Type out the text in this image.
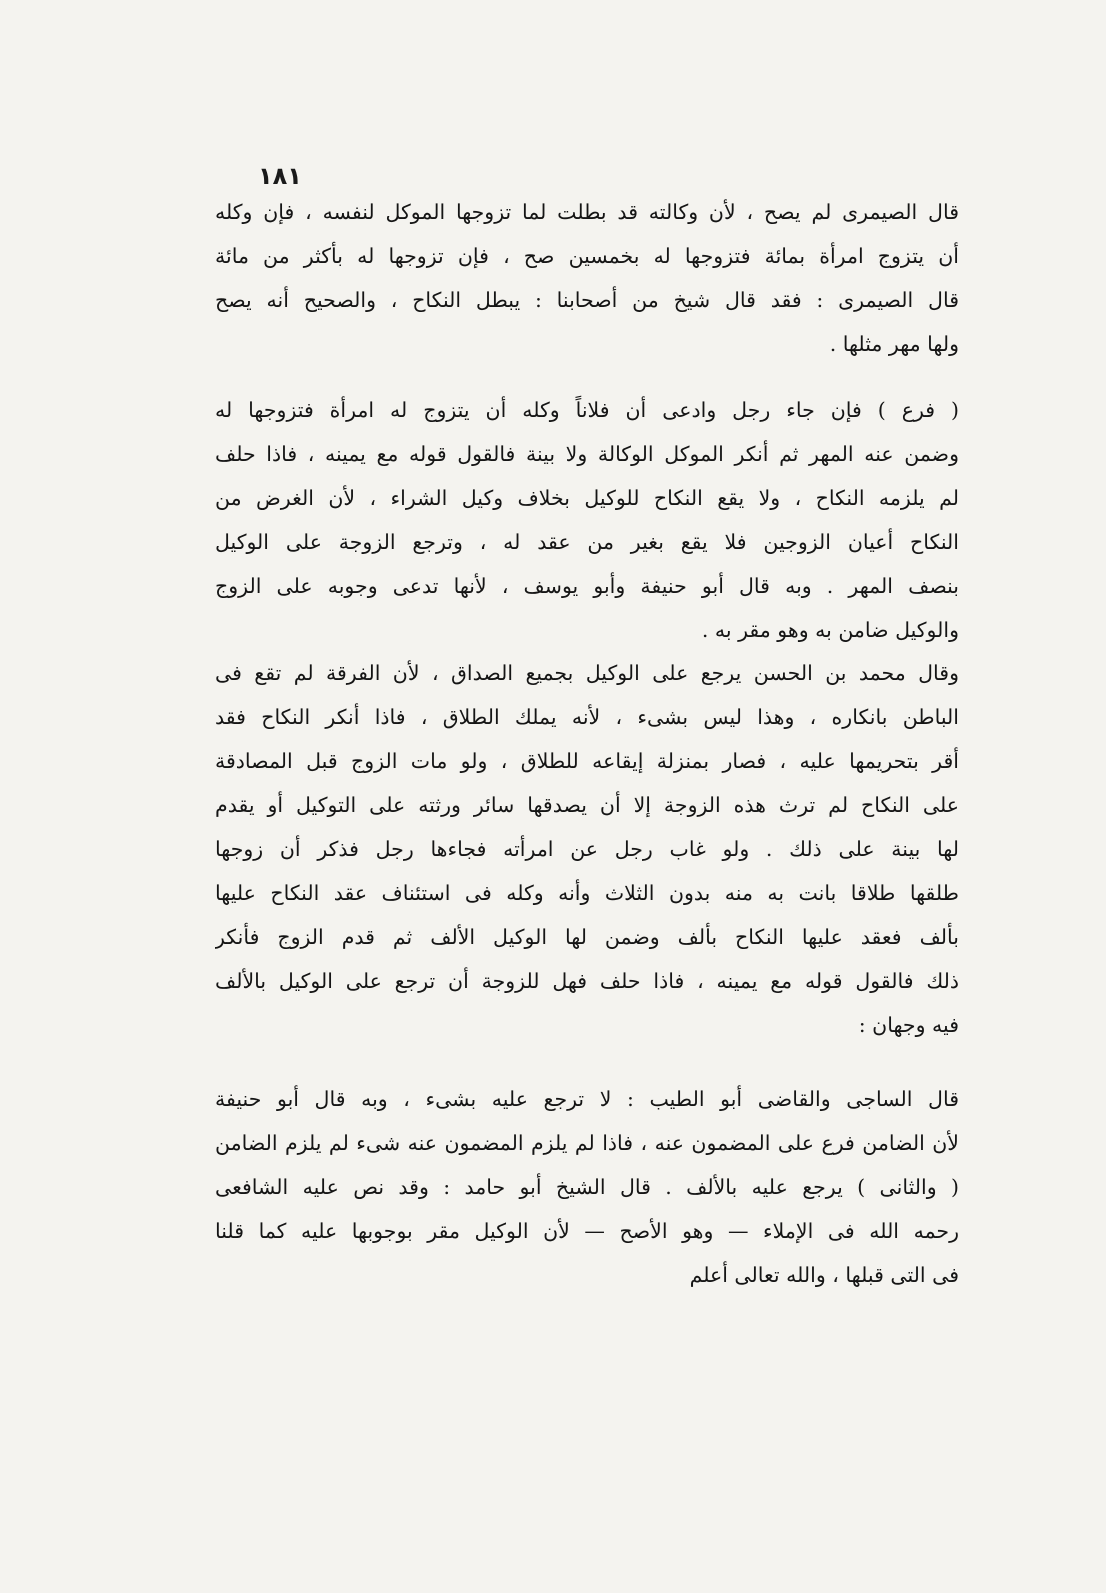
١٨١
قال الصيمرى لم يصح ، لأن وكالته قد بطلت لما تزوجها الموكل لنفسه ، فإن وكله
أن يتزوج امرأة بمائة فتزوجها له بخمسين صح ، فإن تزوجها له بأكثر من مائة
قال الصيمرى : فقد قال شيخ من أصحابنا : يبطل النكاح ، والصحيح أنه يصح
ولها مهر مثلها .
( فرع ) فإن جاء رجل وادعى أن فلاناً وكله أن يتزوج له امرأة فتزوجها له
وضمن عنه المهر ثم أنكر الموكل الوكالة ولا بينة فالقول قوله مع يمينه ، فاذا حلف
لم يلزمه النكاح ، ولا يقع النكاح للوكيل بخلاف وكيل الشراء ، لأن الغرض من
النكاح أعيان الزوجين فلا يقع بغير من عقد له ، وترجع الزوجة على الوكيل
بنصف المهر . وبه قال أبو حنيفة وأبو يوسف ، لأنها تدعى وجوبه على الزوج
والوكيل ضامن به وهو مقر به .
وقال محمد بن الحسن يرجع على الوكيل بجميع الصداق ، لأن الفرقة لم تقع فى
الباطن بانكاره ، وهذا ليس بشىء ، لأنه يملك الطلاق ، فاذا أنكر النكاح فقد
أقر بتحريمها عليه ، فصار بمنزلة إيقاعه للطلاق ، ولو مات الزوج قبل المصادقة
على النكاح لم ترث هذه الزوجة إلا أن يصدقها سائر ورثته على التوكيل أو يقدم
لها بينة على ذلك . ولو غاب رجل عن امرأته فجاءها رجل فذكر أن زوجها
طلقها طلاقا بانت به منه بدون الثلاث وأنه وكله فى استئناف عقد النكاح عليها
بألف فعقد عليها النكاح بألف وضمن لها الوكيل الألف ثم قدم الزوج فأنكر
ذلك فالقول قوله مع يمينه ، فاذا حلف فهل للزوجة أن ترجع على الوكيل بالألف
فيه وجهان :
قال الساجى والقاضى أبو الطيب : لا ترجع عليه بشىء ، وبه قال أبو حنيفة
لأن الضامن فرع على المضمون عنه ، فاذا لم يلزم المضمون عنه شىء لم يلزم الضامن
( والثانى ) يرجع عليه بالألف . قال الشيخ أبو حامد : وقد نص عليه الشافعى
رحمه الله فى الإملاء — وهو الأصح — لأن الوكيل مقر بوجوبها عليه كما قلنا
فى التى قبلها ، والله تعالى أعلم
